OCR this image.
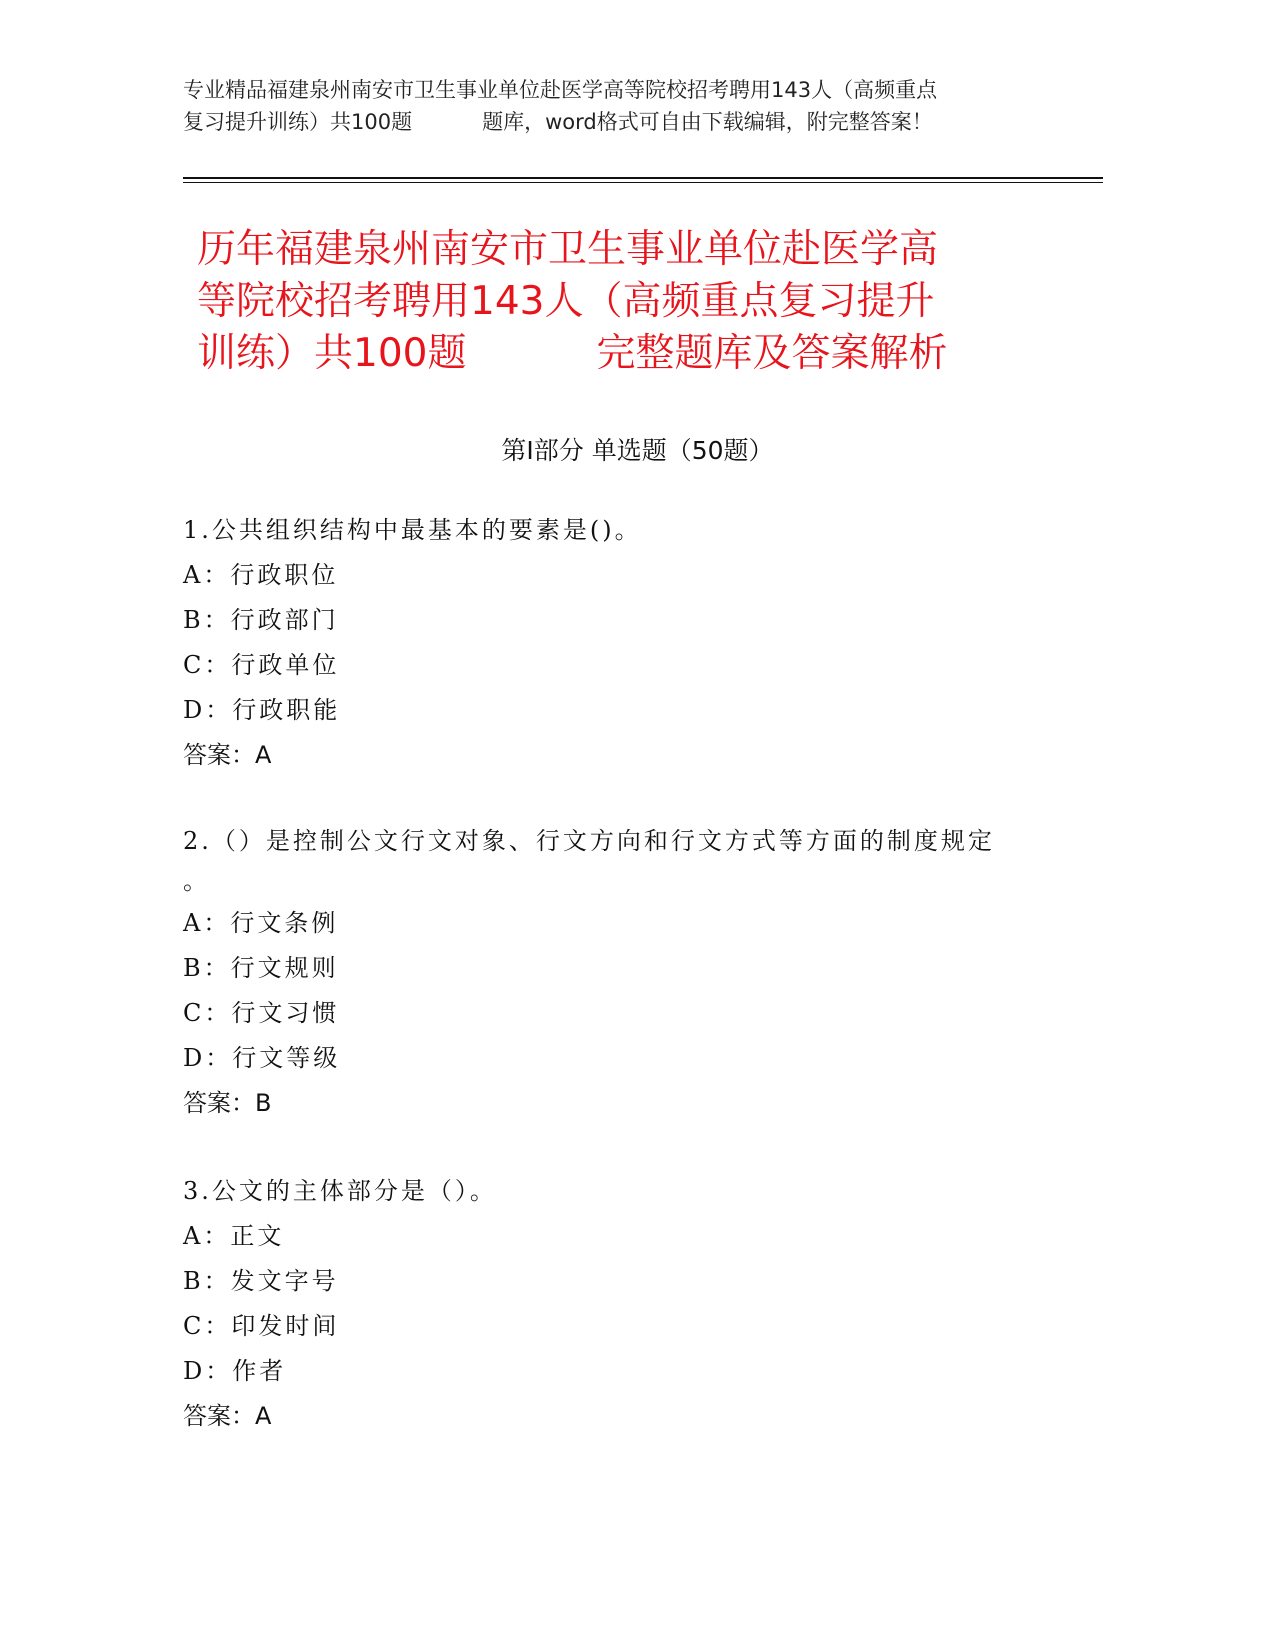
专业精品福建泉州南安市卫生事业单位赴医学高等院校招考聘用143人（高频重点
复习提升训练）共100题	题库，word格式可自由下载编辑，附完整答案！
历年福建泉州南安市卫生事业单位赴医学高
等院校招考聘用143人（高频重点复习提升
训练）共100题	完整题库及答案解析
第Ⅰ部分 单选题（50题）
1.公共组织结构中最基本的要素是()。
A：行政职位
B：行政部门
C：行政单位
D：行政职能
答案：A
2.（）是控制公文行文对象、行文方向和行文方式等方面的制度规定
。
A：行文条例
B：行文规则
C：行文习惯
D：行文等级
答案：B
3.公文的主体部分是（）。
A：正文
B：发文字号
C：印发时间
D：作者
答案：A
